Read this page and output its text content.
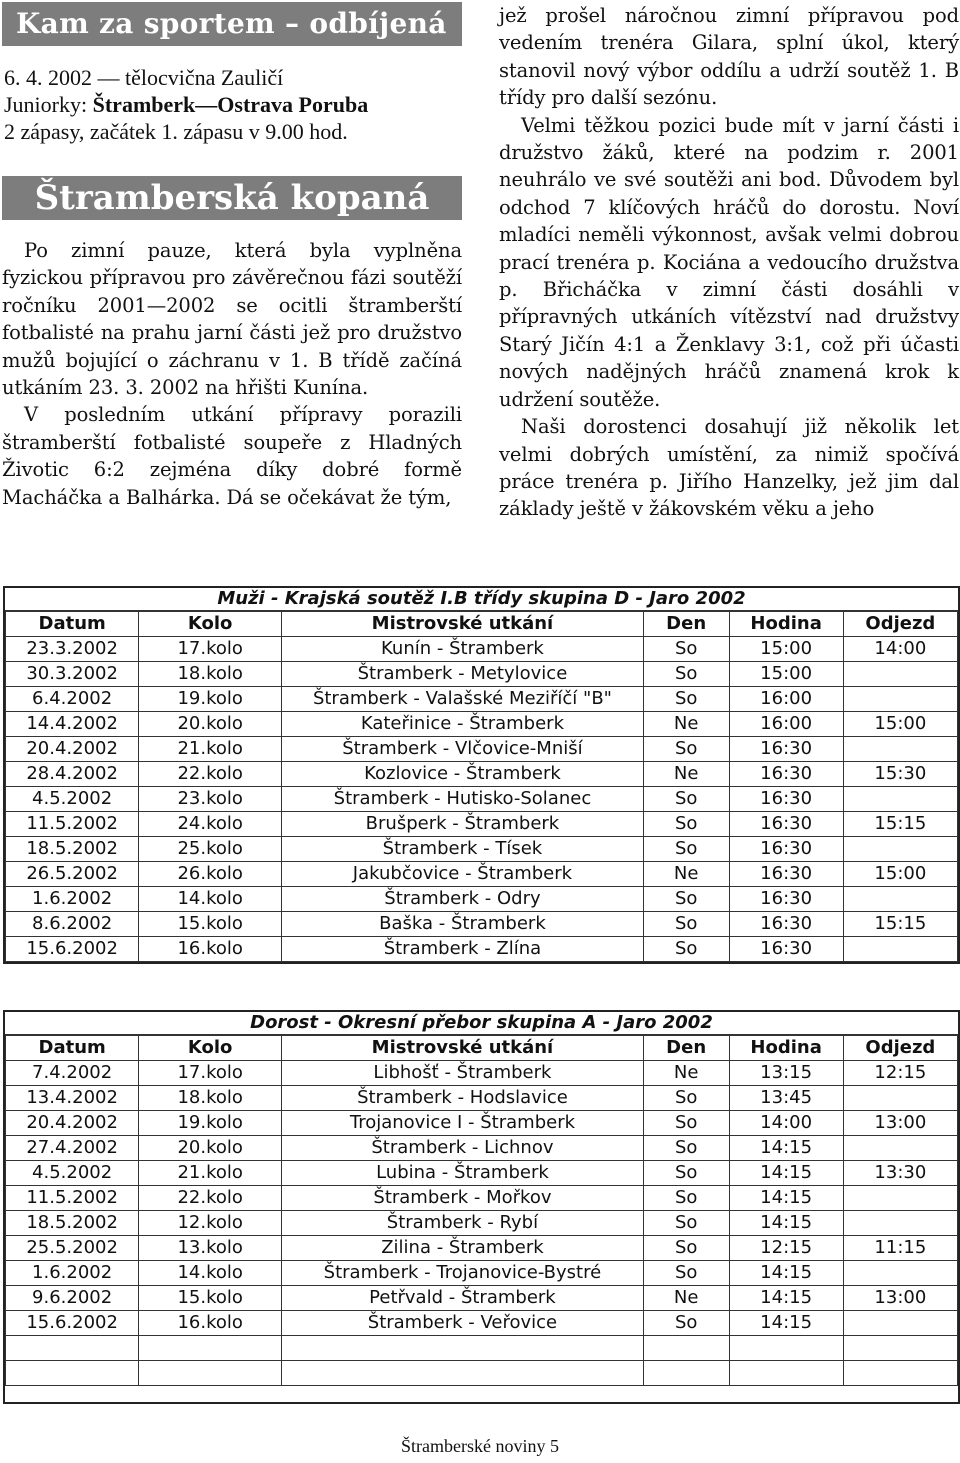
Kam za sportem – odbíjená
6. 4. 2002 — tělocvična Zauličí
Juniorky: Štramberk—Ostrava Poruba
2 zápasy, začátek 1. zápasu v 9.00 hod.
Štramberská kopaná

Po zimní pauze, která byla vyplněna fyzickou přípravou pro závěrečnou fázi soutěží ročníku 2001—2002 se ocitli štramberští fotbalisté na prahu jarní části jež pro družstvo mužů bojující o záchranu v 1. B třídě začíná utkáním 23. 3. 2002 na hřišti Kunína.

V posledním utkání přípravy porazili štramberští fotbalisté soupeře z Hladných Životic 6:2 zejména díky dobré formě Macháčka a Balhárka. Dá se očekávat že tým,

jež prošel náročnou zimní přípravou pod vedením trenéra Gilara, splní úkol, který stanovil nový výbor oddílu a udrží soutěž 1. B třídy pro další sezónu.

Velmi těžkou pozici bude mít v jarní části i družstvo žáků, které na podzim r. 2001 neuhrálo ve své soutěži ani bod. Důvodem byl odchod 7 klíčových hráčů do dorostu. Noví mladíci neměli výkonnost, avšak velmi dobrou prací trenéra p. Kociána a vedoucího družstva p. Břicháčka v zimní části dosáhli v přípravných utkáních vítězství nad družstvy Starý Jičín 4:1 a Ženklavy 3:1, což při účasti nových nadějných hráčů znamená krok k udržení soutěže.

Naši dorostenci dosahují již několik let velmi dobrých umístění, za nimiž spočívá práce trenéra p. Jiřího Hanzelky, jež jim dal základy ještě v žákovském věku a jeho

Muži - Krajská soutěž I.B třídy skupina D - Jaro 2002
Datum	Kolo	Mistrovské utkání	Den	Hodina	Odjezd
23.3.2002	17.kolo	Kunín - Štramberk	So	15:00	14:00
30.3.2002	18.kolo	Štramberk - Metylovice	So	15:00	
6.4.2002	19.kolo	Štramberk - Valašské Meziříčí "B"	So	16:00	
14.4.2002	20.kolo	Kateřinice - Štramberk	Ne	16:00	15:00
20.4.2002	21.kolo	Štramberk - Vlčovice-Mniší	So	16:30	
28.4.2002	22.kolo	Kozlovice - Štramberk	Ne	16:30	15:30
4.5.2002	23.kolo	Štramberk - Hutisko-Solanec	So	16:30	
11.5.2002	24.kolo	Brušperk - Štramberk	So	16:30	15:15
18.5.2002	25.kolo	Štramberk - Tísek	So	16:30	
26.5.2002	26.kolo	Jakubčovice - Štramberk	Ne	16:30	15:00
1.6.2002	14.kolo	Štramberk - Odry	So	16:30	
8.6.2002	15.kolo	Baška - Štramberk	So	16:30	15:15
15.6.2002	16.kolo	Štramberk - Zlína	So	16:30	
Dorost - Okresní přebor skupina A - Jaro 2002
Datum	Kolo	Mistrovské utkání	Den	Hodina	Odjezd
7.4.2002	17.kolo	Libhošť - Štramberk	Ne	13:15	12:15
13.4.2002	18.kolo	Štramberk - Hodslavice	So	13:45	
20.4.2002	19.kolo	Trojanovice I - Štramberk	So	14:00	13:00
27.4.2002	20.kolo	Štramberk - Lichnov	So	14:15	
4.5.2002	21.kolo	Lubina - Štramberk	So	14:15	13:30
11.5.2002	22.kolo	Štramberk - Mořkov	So	14:15	
18.5.2002	12.kolo	Štramberk - Rybí	So	14:15	
25.5.2002	13.kolo	Zilina - Štramberk	So	12:15	11:15
1.6.2002	14.kolo	Štramberk - Trojanovice-Bystré	So	14:15	
9.6.2002	15.kolo	Petřvald - Štramberk	Ne	14:15	13:00
15.6.2002	16.kolo	Štramberk - Veřovice	So	14:15	

Štramberské noviny 5
